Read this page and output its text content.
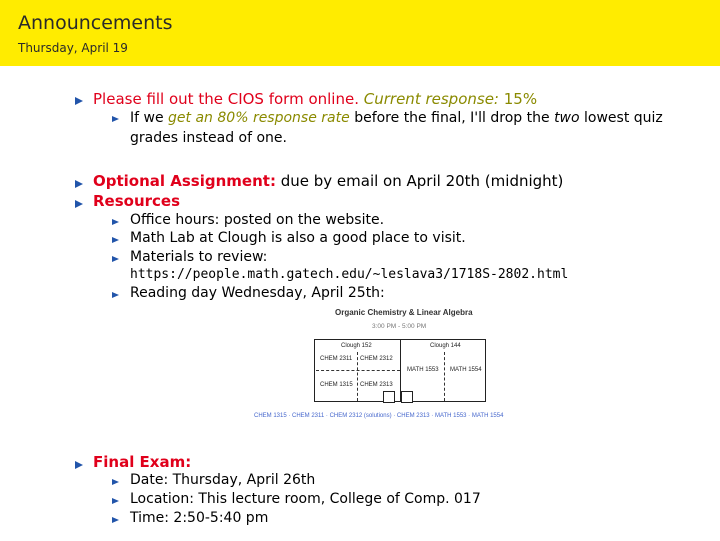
Announcements
Thursday, April 19
Please fill out the CIOS form online. Current response: 15%
If we get an 80% response rate before the final, I'll drop the two lowest quiz
grades instead of one.
Optional Assignment: due by email on April 20th (midnight)
Resources
Office hours: posted on the website.
Math Lab at Clough is also a good place to visit.
Materials to review:
https://people.math.gatech.edu/~leslava3/1718S-2802.html
Reading day Wednesday, April 25th:
Organic Chemistry & Linear Algebra
3:00 PM - 5:00 PM
Clough 152
CHEM 2311 CHEM 2312
CHEM 1315 CHEM 2313
Clough 144
MATH 1553 MATH 1554
CHEM 1315 · CHEM 2311 · CHEM 2312 (solutions) · CHEM 2313 · MATH 1553 · MATH 1554
Final Exam:
Date: Thursday, April 26th
Location: This lecture room, College of Comp. 017
Time: 2:50-5:40 pm
